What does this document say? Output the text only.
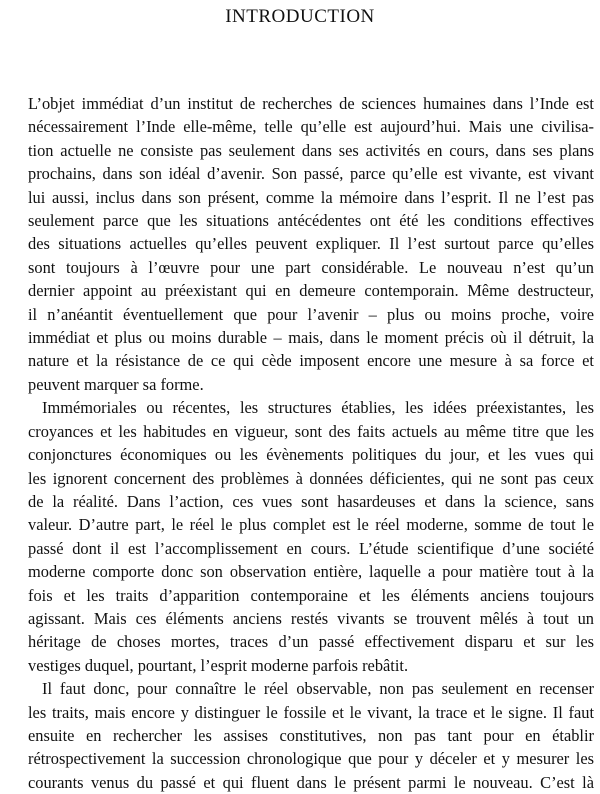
INTRODUCTION
L’objet immédiat d’un institut de recherches de sciences humaines dans l’Inde est
nécessairement l’Inde elle-même, telle qu’elle est aujourd’hui. Mais une civilisa-
tion actuelle ne consiste pas seulement dans ses activités en cours, dans ses plans
prochains, dans son idéal d’avenir. Son passé, parce qu’elle est vivante, est vivant
lui aussi, inclus dans son présent, comme la mémoire dans l’esprit. Il ne l’est pas
seulement parce que les situations antécédentes ont été les conditions effectives
des situations actuelles qu’elles peuvent expliquer. Il l’est surtout parce qu’elles
sont toujours à l’œuvre pour une part considérable. Le nouveau n’est qu’un
dernier appoint au préexistant qui en demeure contemporain. Même destructeur,
il n’anéantit éventuellement que pour l’avenir – plus ou moins proche, voire
immédiat et plus ou moins durable – mais, dans le moment précis où il détruit, la
nature et la résistance de ce qui cède imposent encore une mesure à sa force et
peuvent marquer sa forme.
Immémoriales ou récentes, les structures établies, les idées préexistantes, les
croyances et les habitudes en vigueur, sont des faits actuels au même titre que les
conjonctures économiques ou les évènements politiques du jour, et les vues qui
les ignorent concernent des problèmes à données déficientes, qui ne sont pas ceux
de la réalité. Dans l’action, ces vues sont hasardeuses et dans la science, sans
valeur. D’autre part, le réel le plus complet est le réel moderne, somme de tout le
passé dont il est l’accomplissement en cours. L’étude scientifique d’une société
moderne comporte donc son observation entière, laquelle a pour matière tout à la
fois et les traits d’apparition contemporaine et les éléments anciens toujours
agissant. Mais ces éléments anciens restés vivants se trouvent mêlés à tout un
héritage de choses mortes, traces d’un passé effectivement disparu et sur les
vestiges duquel, pourtant, l’esprit moderne parfois rebâtit.
Il faut donc, pour connaître le réel observable, non pas seulement en recenser
les traits, mais encore y distinguer le fossile et le vivant, la trace et le signe. Il faut
ensuite en rechercher les assises constitutives, non pas tant pour en établir
rétrospectivement la succession chronologique que pour y déceler et y mesurer les
courants venus du passé et qui fluent dans le présent parmi le nouveau. C’est là
